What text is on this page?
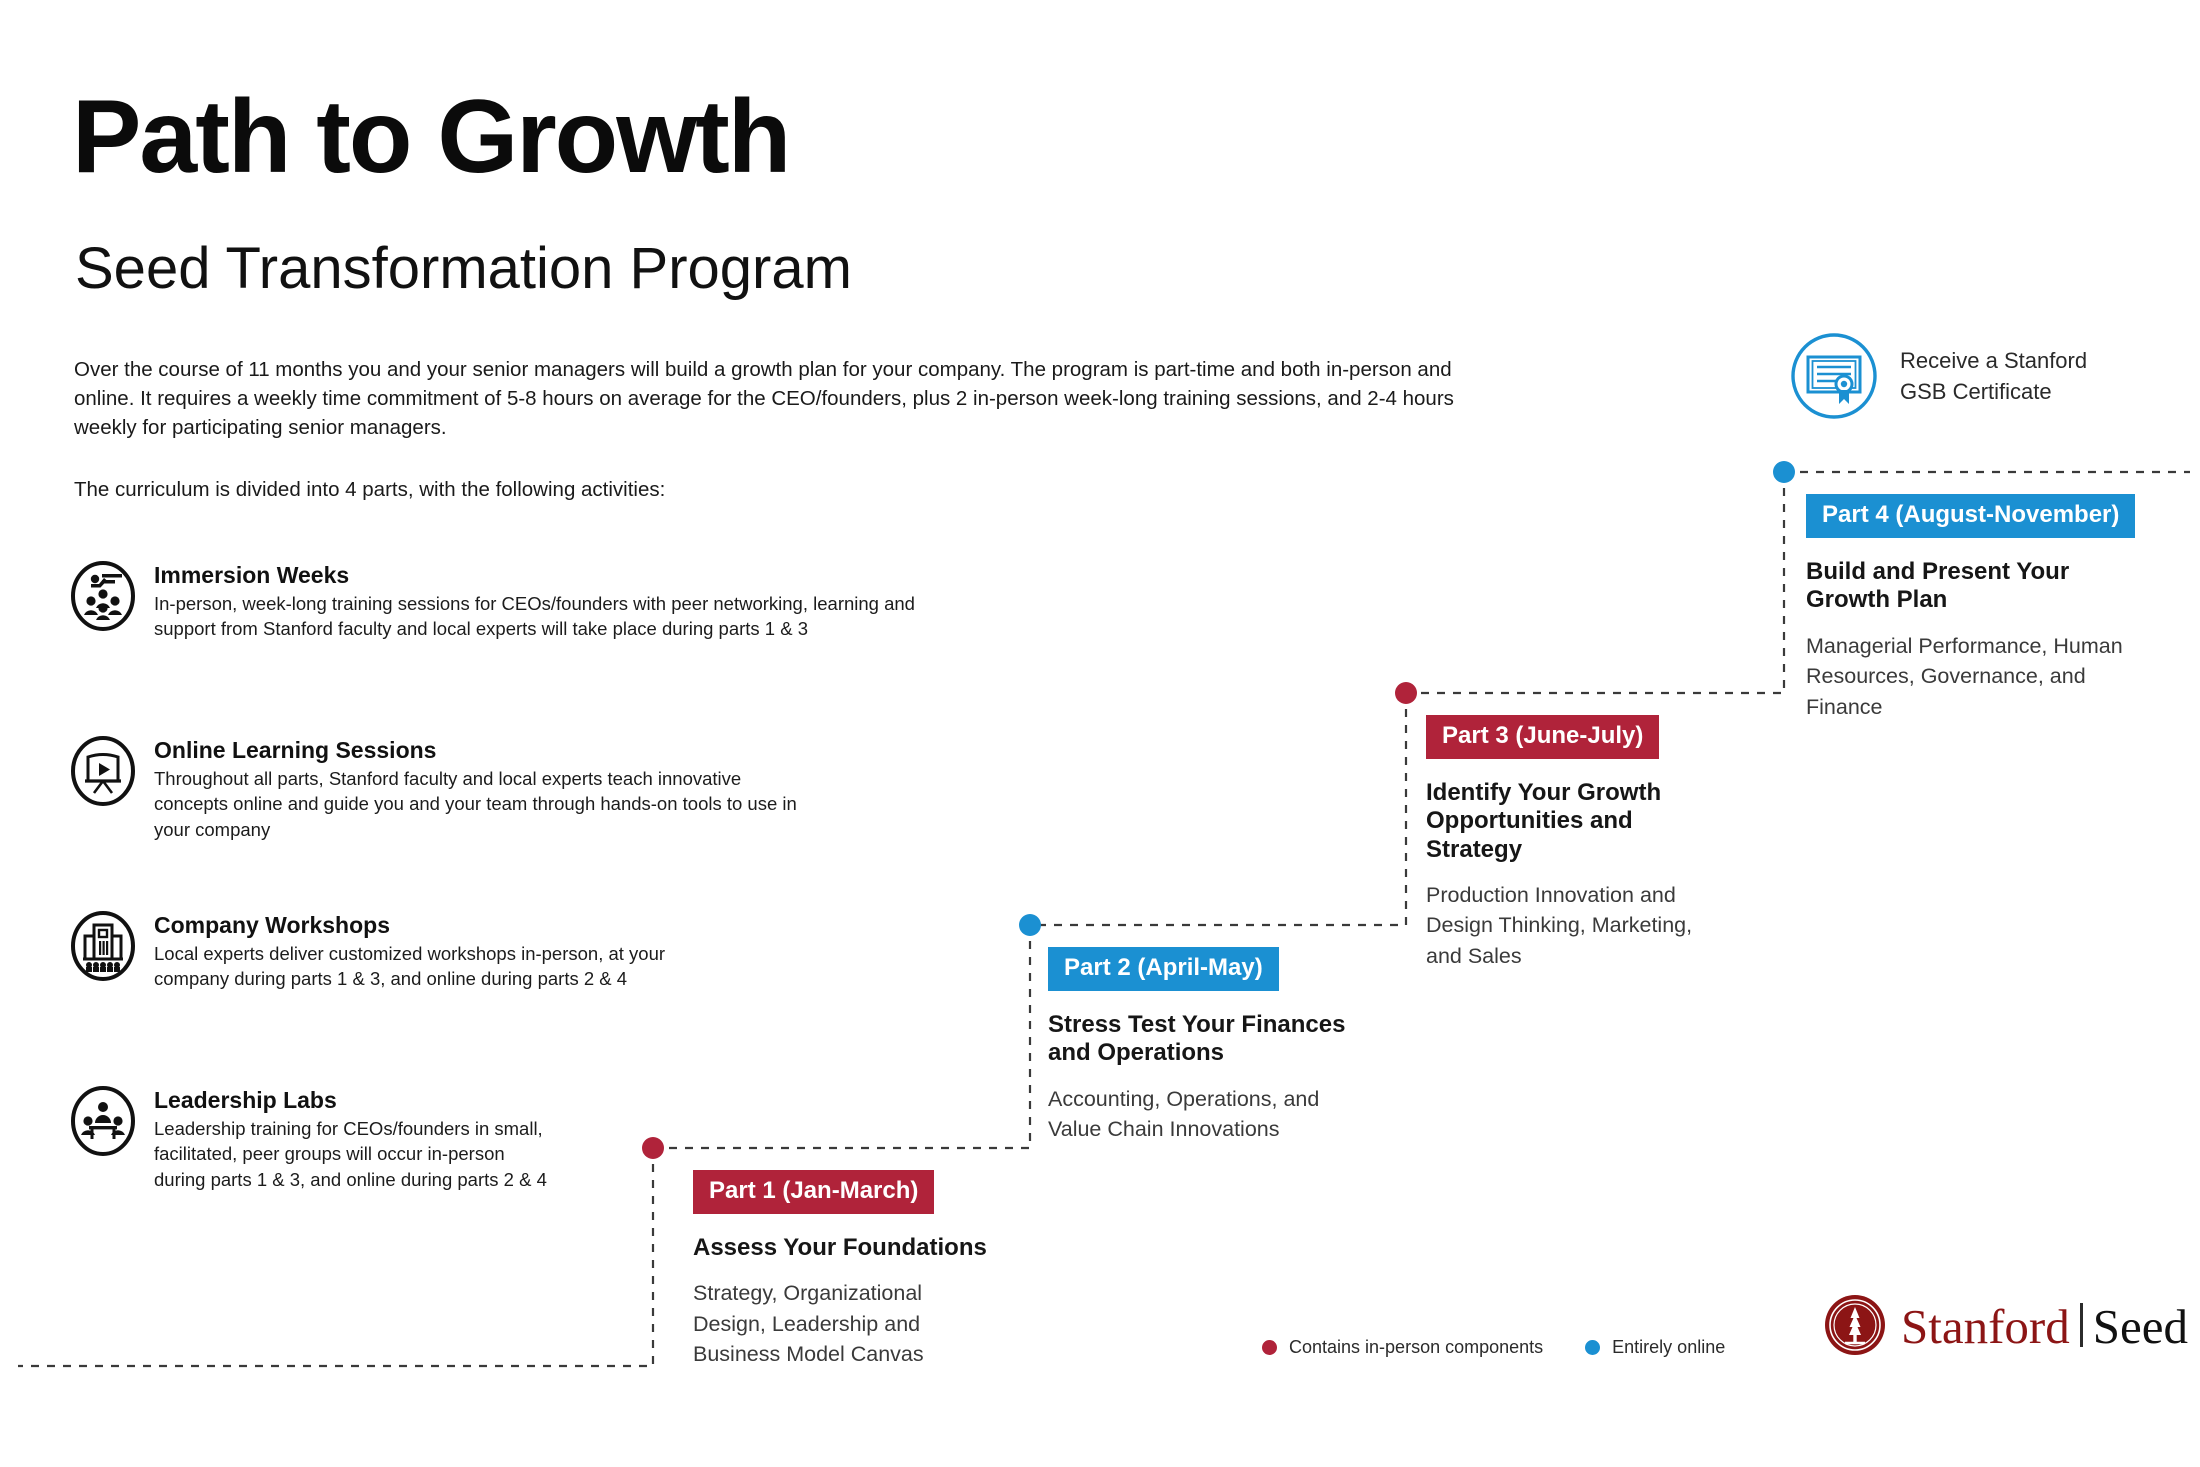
Path to Growth
Seed Transformation Program
Over the course of 11 months you and your senior managers will build a growth plan for your company. The program is part-time and both in-person and online. It requires a weekly time commitment of 5-8 hours on average for the CEO/founders, plus 2 in-person week-long training sessions, and 2-4 hours weekly for participating senior managers.
The curriculum is divided into 4 parts, with the following activities:
Immersion Weeks
In-person, week-long training sessions for CEOs/founders with peer networking, learning and support from Stanford faculty and local experts will take place during parts 1 & 3
Online Learning Sessions
Throughout all parts, Stanford faculty and local experts teach innovative concepts online and guide you and your team through hands-on tools to use in your company
Company Workshops
Local experts deliver customized workshops in-person, at your company during parts 1 & 3, and online during parts 2 & 4
Leadership Labs
Leadership training for CEOs/founders in small, facilitated, peer groups will occur in-person during parts 1 & 3, and online during parts 2 & 4	Part 1 (Jan-March)
Assess Your Foundations
Strategy, Organizational Design, Leadership and Business Model Canvas
Part 2 (April-May)
Stress Test Your Finances and Operations
Accounting, Operations, and Value Chain Innovations
Part 3 (June-July)
Identify Your Growth Opportunities and Strategy
Production Innovation and Design Thinking, Marketing, and Sales
Part 4 (August-November)
Build and Present Your Growth Plan
Managerial Performance, Human Resources, Governance, and Finance
Receive a Stanford
GSB Certificate
Contains in-person components	Entirely online	Stanford Seed
